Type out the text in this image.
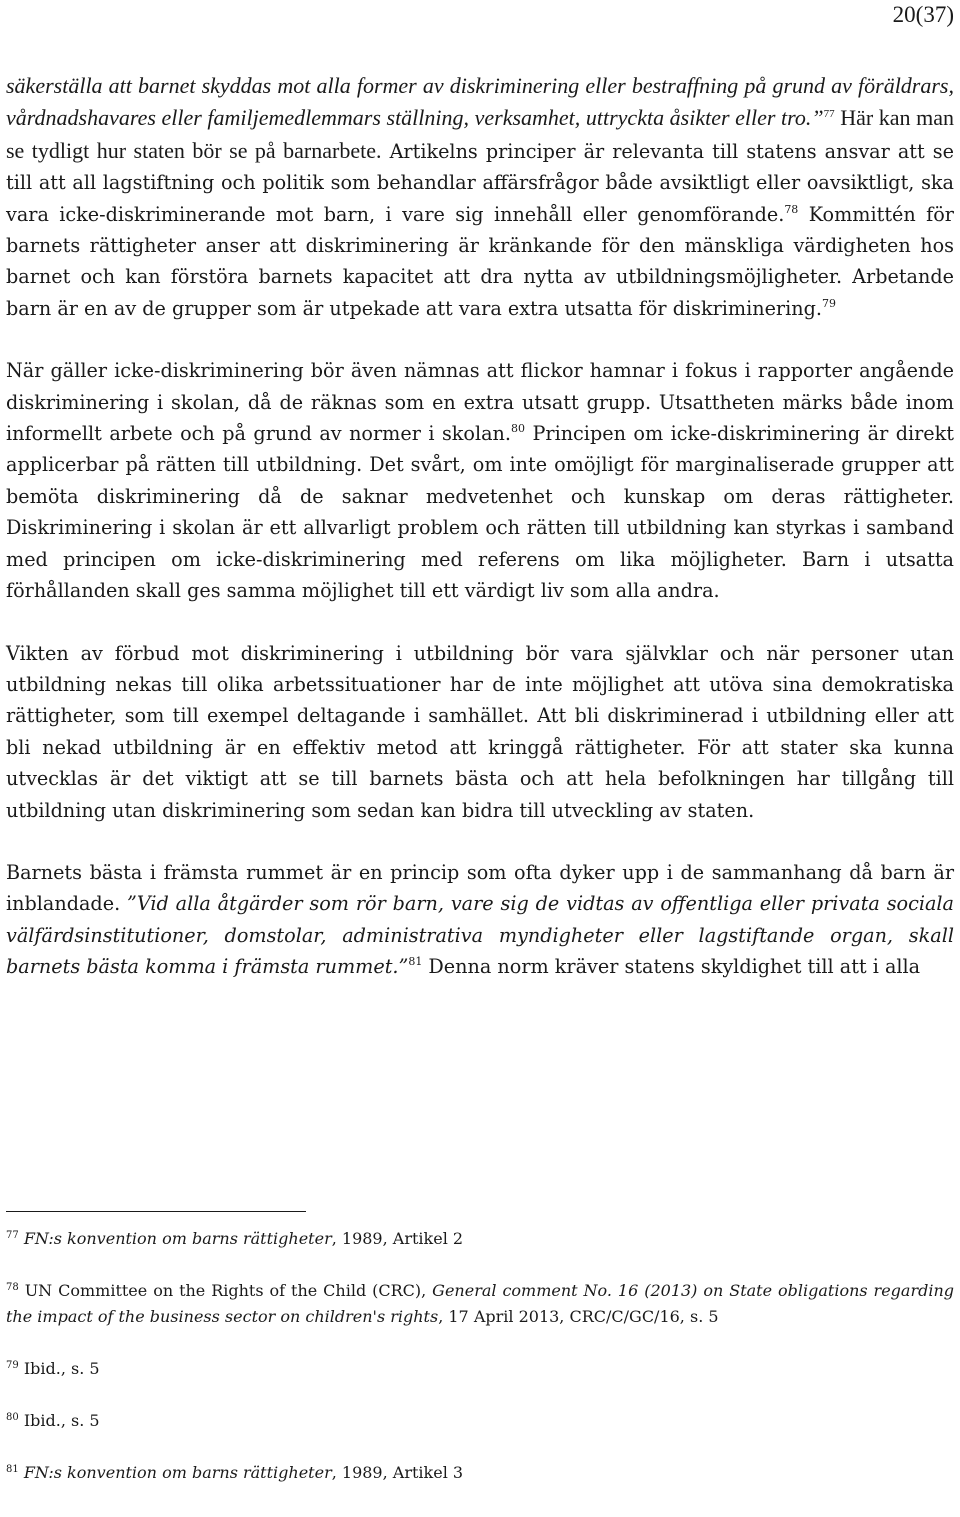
20(37)

säkerställa att barnet skyddas mot alla former av diskriminering eller bestraffning på grund av föräldrars, vårdnadshavares eller familjemedlemmars ställning, verksamhet, uttryckta åsikter eller tro.”$^{77}$ Här kan man se tydligt hur staten bör se på barnarbete. Artikelns principer är relevanta till statens ansvar att se till att all lagstiftning och politik som behandlar affärsfrågor både avsiktligt eller oavsiktligt, ska vara icke-diskriminerande mot barn, i vare sig innehåll eller genomförande.$^{78}$ Kommittén för barnets rättigheter anser att diskriminering är kränkande för den mänskliga värdigheten hos barnet och kan förstöra barnets kapacitet att dra nytta av utbildningsmöjligheter. Arbetande barn är en av de grupper som är utpekade att vara extra utsatta för diskriminering.$^{79}$

När gäller icke-diskriminering bör även nämnas att flickor hamnar i fokus i rapporter angående diskriminering i skolan, då de räknas som en extra utsatt grupp. Utsattheten märks både inom informellt arbete och på grund av normer i skolan.$^{80}$ Principen om icke-diskriminering är direkt applicerbar på rätten till utbildning. Det svårt, om inte omöjligt för marginaliserade grupper att bemöta diskriminering då de saknar medvetenhet och kunskap om deras rättigheter. Diskriminering i skolan är ett allvarligt problem och rätten till utbildning kan styrkas i samband med principen om icke-diskriminering med referens om lika möjligheter. Barn i utsatta förhållanden skall ges samma möjlighet till ett värdigt liv som alla andra.

Vikten av förbud mot diskriminering i utbildning bör vara självklar och när personer utan utbildning nekas till olika arbetssituationer har de inte möjlighet att utöva sina demokratiska rättigheter, som till exempel deltagande i samhället. Att bli diskriminerad i utbildning eller att bli nekad utbildning är en effektiv metod att kringgå rättigheter. För att stater ska kunna utvecklas är det viktigt att se till barnets bästa och att hela befolkningen har tillgång till utbildning utan diskriminering som sedan kan bidra till utveckling av staten.

Barnets bästa i främsta rummet är en princip som ofta dyker upp i de sammanhang då barn är inblandade. ”Vid alla åtgärder som rör barn, vare sig de vidtas av offentliga eller privata sociala välfärdsinstitutioner, domstolar, administrativa myndigheter eller lagstiftande organ, skall barnets bästa komma i främsta rummet.”$^{81}$ Denna norm kräver statens skyldighet till att i alla

$^{77}$ FN:s konvention om barns rättigheter, 1989, Artikel 2

$^{78}$ UN Committee on the Rights of the Child (CRC), General comment No. 16 (2013) on State obligations regarding the impact of the business sector on children's rights, 17 April 2013, CRC/C/GC/16, s. 5

$^{79}$ Ibid., s. 5

$^{80}$ Ibid., s. 5

$^{81}$ FN:s konvention om barns rättigheter, 1989, Artikel 3
